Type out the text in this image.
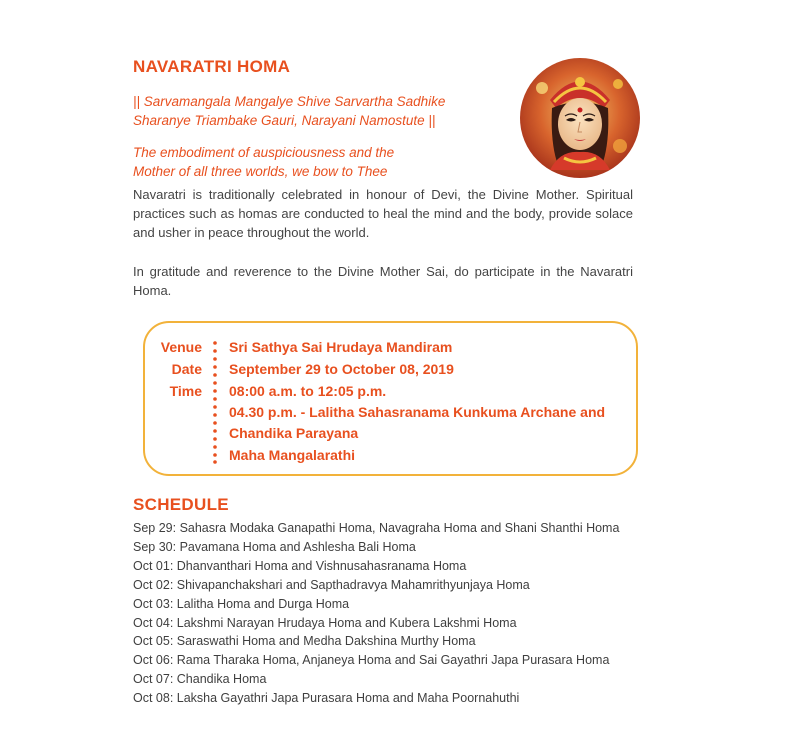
NAVARATRI HOMA
|| Sarvamangala Mangalye Shive Sarvartha Sadhike
Sharanye Triambake Gauri, Narayani Namostute ||
The embodiment of auspiciousness and the
Mother of all three worlds, we bow to Thee
Navaratri is traditionally celebrated in honour of Devi, the Divine Mother. Spiritual practices such as homas are conducted to heal the mind and the body, provide solace and usher in peace throughout the world.
In gratitude and reverence to the Divine Mother Sai, do participate in the Navaratri Homa.
Venue
Date
Time
Sri Sathya Sai Hrudaya Mandiram
September 29 to October 08, 2019
08:00 a.m. to 12:05 p.m.
04.30 p.m. - Lalitha Sahasranama Kunkuma Archane and Chandika Parayana
Maha Mangalarathi
SCHEDULE
Sep 29: Sahasra Modaka Ganapathi Homa, Navagraha Homa and Shani Shanthi Homa
Sep 30: Pavamana Homa and Ashlesha Bali Homa
Oct 01: Dhanvanthari Homa and Vishnusahasranama Homa
Oct 02: Shivapanchakshari and Sapthadravya Mahamrithyunjaya Homa
Oct 03: Lalitha Homa and Durga Homa
Oct 04: Lakshmi Narayan Hrudaya Homa and Kubera Lakshmi Homa
Oct 05: Saraswathi Homa and Medha Dakshina Murthy Homa
Oct 06: Rama Tharaka Homa, Anjaneya Homa and Sai Gayathri Japa Purasara Homa
Oct 07: Chandika Homa
Oct 08: Laksha Gayathri Japa Purasara Homa and Maha Poornahuthi
